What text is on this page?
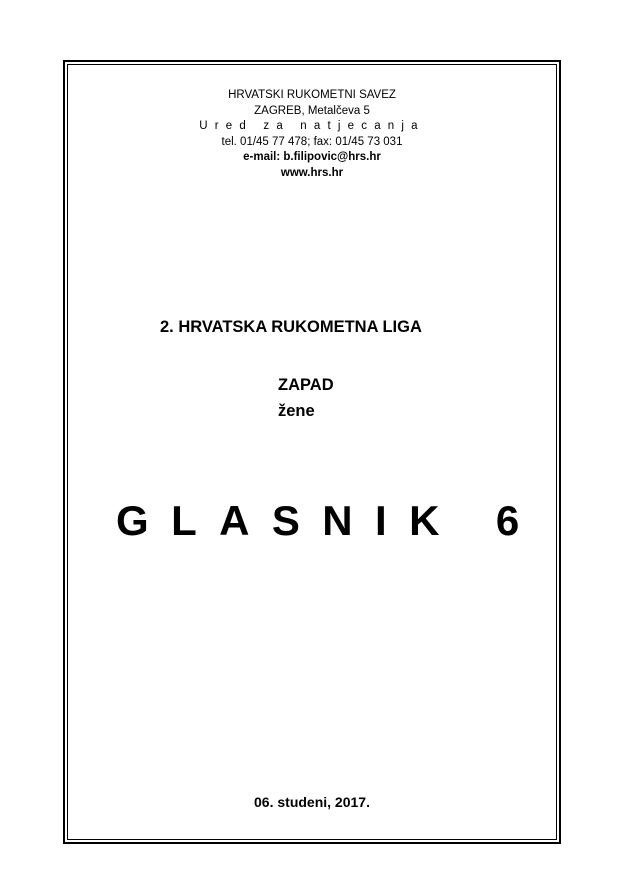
HRVATSKI RUKOMETNI SAVEZ
ZAGREB, Metalčeva 5
Ured za natjecanja
tel. 01/45 77 478; fax: 01/45 73 031
e-mail: b.filipovic@hrs.hr
www.hrs.hr
2. HRVATSKA RUKOMETNA LIGA
ZAPAD
žene
GLASNIK 6
06. studeni, 2017.
